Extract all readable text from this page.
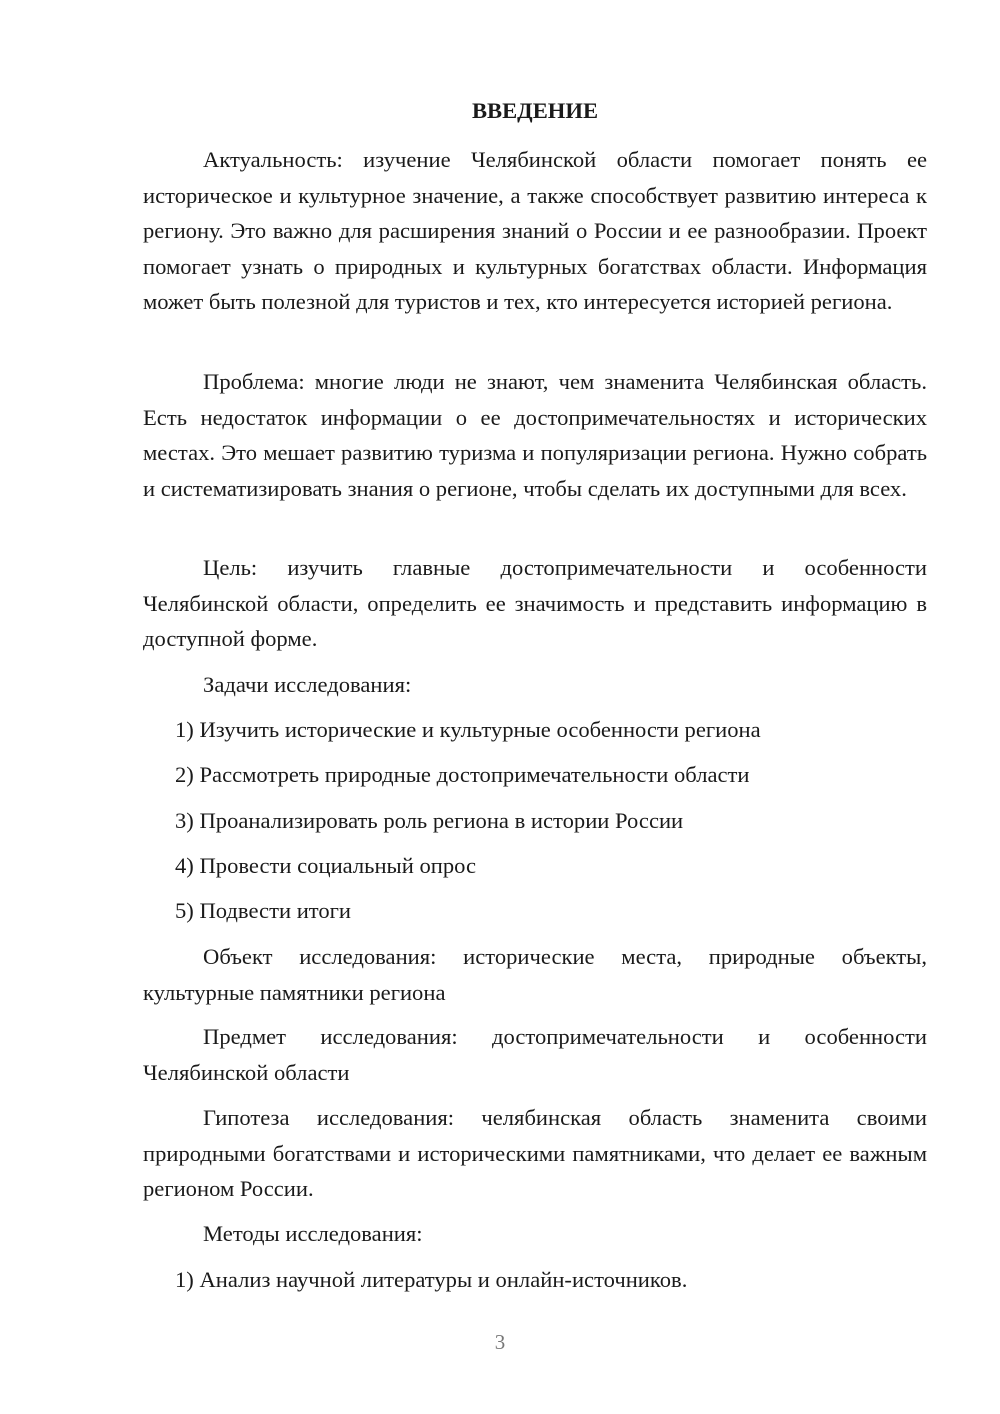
ВВЕДЕНИЕ

Актуальность: изучение Челябинской области помогает понять ее историческое и культурное значение, а также способствует развитию интереса к региону. Это важно для расширения знаний о России и ее разнообразии. Проект помогает узнать о природных и культурных богатствах области. Информация может быть полезной для туристов и тех, кто интересуется историей региона.

Проблема: многие люди не знают, чем знаменита Челябинская область. Есть недостаток информации о ее достопримечательностях и исторических местах. Это мешает развитию туризма и популяризации региона. Нужно собрать и систематизировать знания о регионе, чтобы сделать их доступными для всех.

Цель: изучить главные достопримечательности и особенности Челябинской области, определить ее значимость и представить информацию в доступной форме.

Задачи исследования:

1) Изучить исторические и культурные особенности региона

2) Рассмотреть природные достопримечательности области

3) Проанализировать роль региона в истории России

4) Провести социальный опрос

5) Подвести итоги

Объект исследования: исторические места, природные объекты, культурные памятники региона

Предмет исследования: достопримечательности и особенности Челябинской области

Гипотеза исследования: челябинская область знаменита своими природными богатствами и историческими памятниками, что делает ее важным регионом России.

Методы исследования:

1) Анализ научной литературы и онлайн-источников.

3
